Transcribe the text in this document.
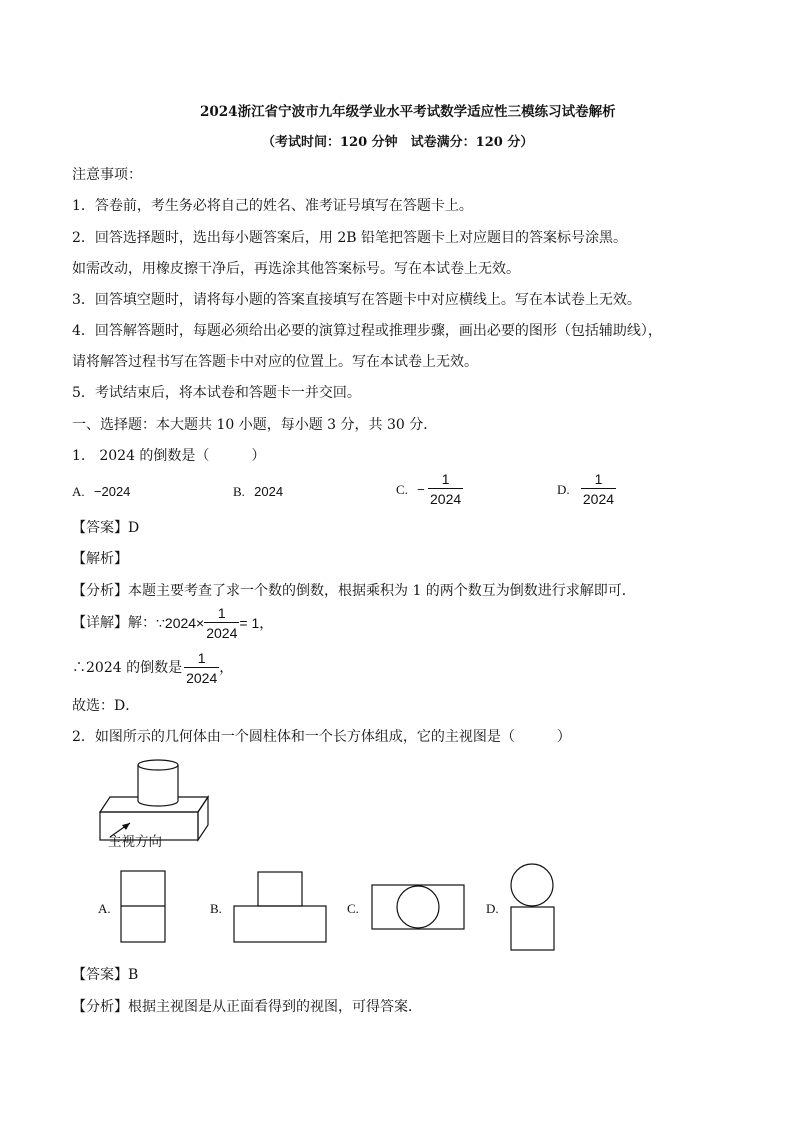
2024浙江省宁波市九年级学业水平考试数学适应性三模练习试卷解析
（考试时间：120 分钟　试卷满分：120 分）
注意事项：
1．答卷前，考生务必将自己的姓名、准考证号填写在答题卡上。
2．回答选择题时，选出每小题答案后，用 2B 铅笔把答题卡上对应题目的答案标号涂黑。
如需改动，用橡皮擦干净后，再选涂其他答案标号。写在本试卷上无效。
3．回答填空题时，请将每小题的答案直接填写在答题卡中对应横线上。写在本试卷上无效。
4．回答解答题时，每题必须给出必要的演算过程或推理步骤，画出必要的图形（包括辅助线），
请将解答过程书写在答题卡中对应的位置上。写在本试卷上无效。
5．考试结束后，将本试卷和答题卡一并交回。
一、选择题：本大题共 10 小题，每小题 3 分，共 30 分．
1.　2024 的倒数是（　　　）
A. −2024	B. 2024	C. − $\frac{1}{2024}$	D. $\frac{1}{2024}$
【答案】D
【解析】
【分析】本题主要考查了求一个数的倒数，根据乘积为 1 的两个数互为倒数进行求解即可．
【详解】解：∵2024× $\frac{1}{2024} = 1$，
∴2024 的倒数是 $\frac{1}{2024}$ ，
故选：D．
2．如图所示的几何体由一个圆柱体和一个长方体组成，它的主视图是（　　　）
主视方向
A.	B.	C.	D.
【答案】B
【分析】根据主视图是从正面看得到的视图，可得答案．
